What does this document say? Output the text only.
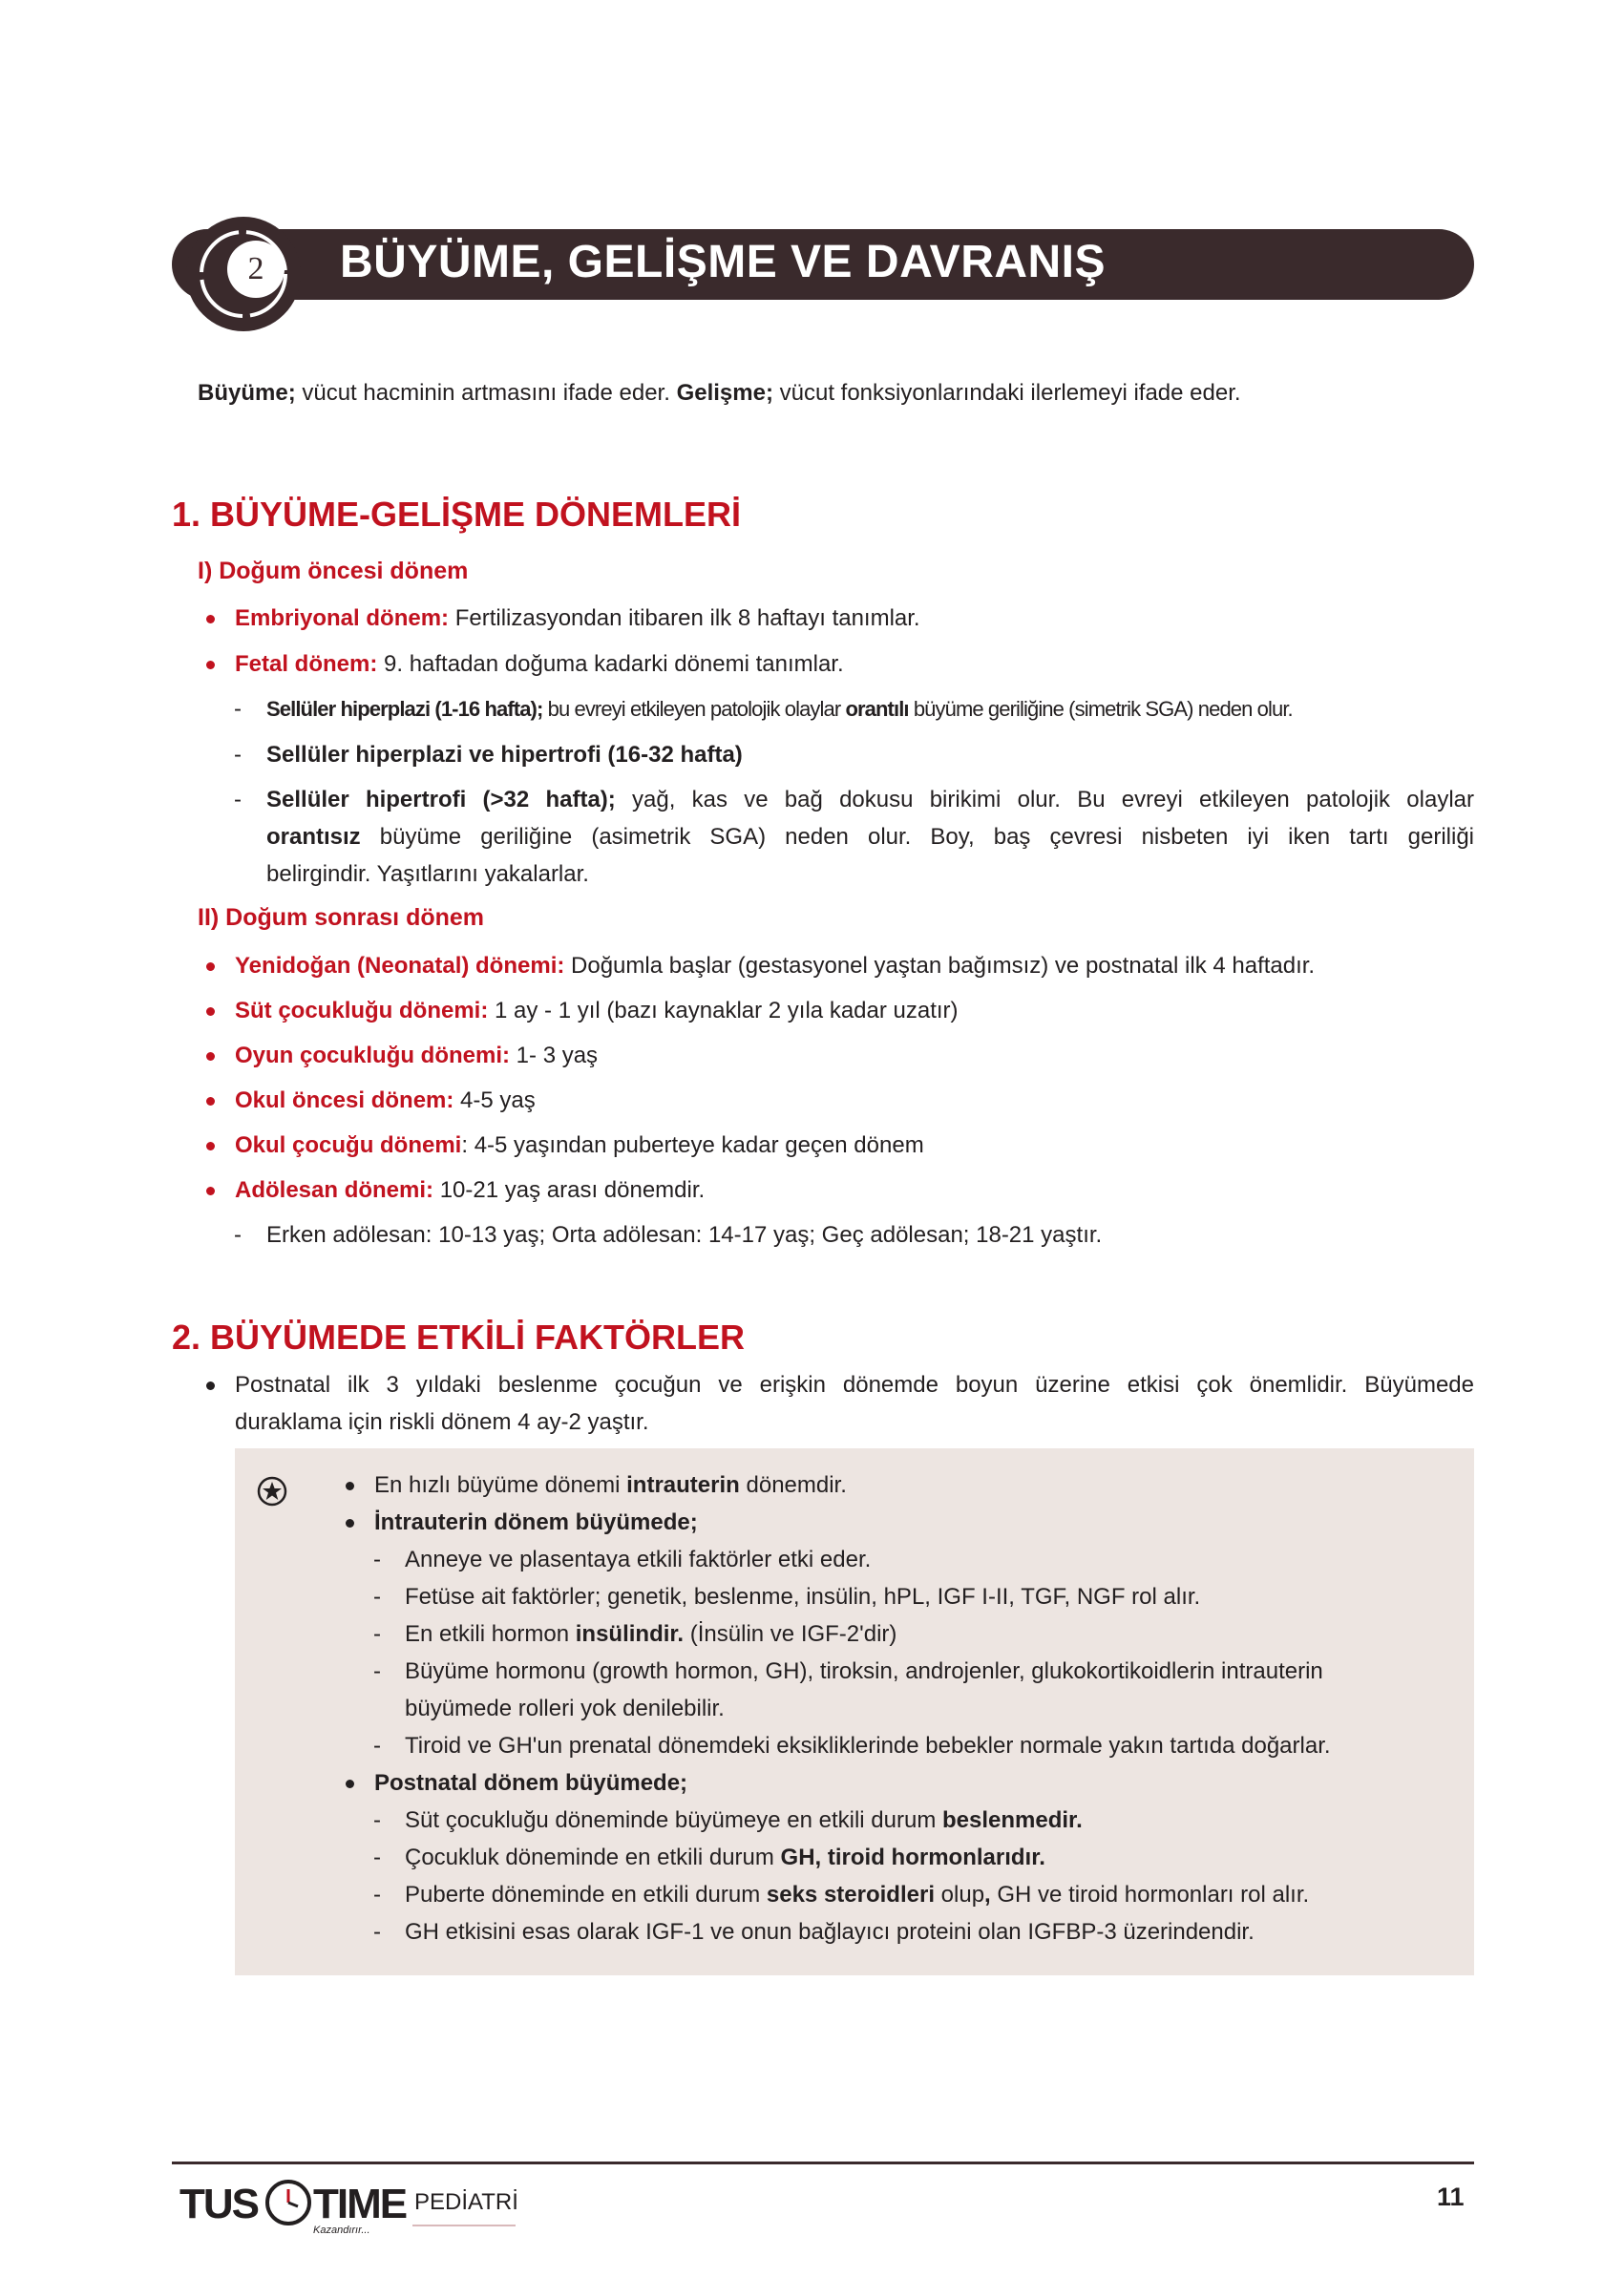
2	BÜYÜME, GELİŞME VE DAVRANIŞ
Büyüme; vücut hacminin artmasını ifade eder. Gelişme; vücut fonksiyonlarındaki ilerlemeyi ifade eder.
1. BÜYÜME-GELİŞME DÖNEMLERİ
I) Doğum öncesi dönem
Embriyonal dönem: Fertilizasyondan itibaren ilk 8 haftayı tanımlar.
Fetal dönem: 9. haftadan doğuma kadarki dönemi tanımlar.
- Sellüler hiperplazi (1-16 hafta); bu evreyi etkileyen patolojik olaylar orantılı büyüme geriliğine (simetrik SGA) neden olur.
- Sellüler hiperplazi ve hipertrofi (16-32 hafta)
- Sellüler hipertrofi (>32 hafta); yağ, kas ve bağ dokusu birikimi olur. Bu evreyi etkileyen patolojik olaylar
orantısız büyüme geriliğine (asimetrik SGA) neden olur. Boy, baş çevresi nisbeten iyi iken tartı geriliği
belirgindir. Yaşıtlarını yakalarlar.
II) Doğum sonrası dönem
Yenidoğan (Neonatal) dönemi: Doğumla başlar (gestasyonel yaştan bağımsız) ve postnatal ilk 4 haftadır.
Süt çocukluğu dönemi: 1 ay - 1 yıl (bazı kaynaklar 2 yıla kadar uzatır)
Oyun çocukluğu dönemi: 1- 3 yaş
Okul öncesi dönem: 4-5 yaş
Okul çocuğu dönemi: 4-5 yaşından puberteye kadar geçen dönem
Adölesan dönemi: 10-21 yaş arası dönemdir.
- Erken adölesan: 10-13 yaş; Orta adölesan: 14-17 yaş; Geç adölesan; 18-21 yaştır.
2. BÜYÜMEDE ETKİLİ FAKTÖRLER
Postnatal ilk 3 yıldaki beslenme çocuğun ve erişkin dönemde boyun üzerine etkisi çok önemlidir. Büyümede
duraklama için riskli dönem 4 ay-2 yaştır.
En hızlı büyüme dönemi intrauterin dönemdir.
İntrauterin dönem büyümede;
- Anneye ve plasentaya etkili faktörler etki eder.
- Fetüse ait faktörler; genetik, beslenme, insülin, hPL, IGF I-II, TGF, NGF rol alır.
- En etkili hormon insülindir. (İnsülin ve IGF-2'dir)
- Büyüme hormonu (growth hormon, GH), tiroksin, androjenler, glukokortikoidlerin intrauterin
büyümede rolleri yok denilebilir.
- Tiroid ve GH'un prenatal dönemdeki eksikliklerinde bebekler normale yakın tartıda doğarlar.
Postnatal dönem büyümede;
- Süt çocukluğu döneminde büyümeye en etkili durum beslenmedir.
- Çocukluk döneminde en etkili durum GH, tiroid hormonlarıdır.
- Puberte döneminde en etkili durum seks steroidleri olup, GH ve tiroid hormonları rol alır.
- GH etkisini esas olarak IGF-1 ve onun bağlayıcı proteini olan IGFBP-3 üzerindendir.
TUS TIME
Kazandırır...
PEDİATRİ	11
